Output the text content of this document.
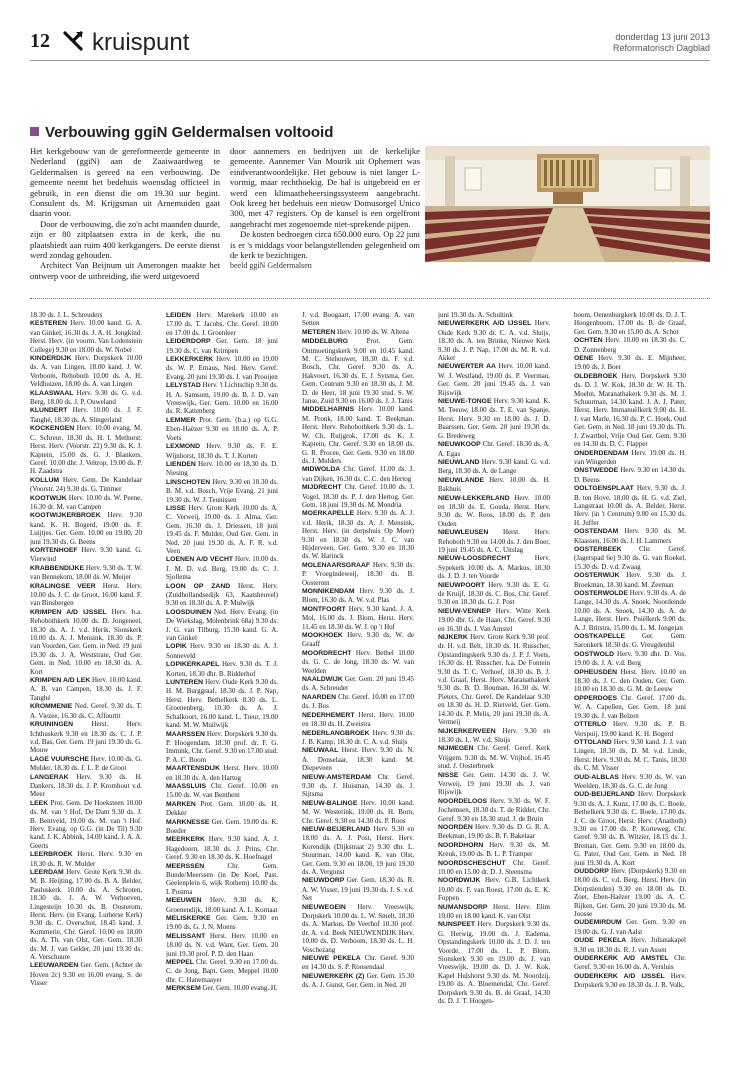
12 kruispunt	donderdag 13 juni 2013
Reformatorisch Dagblad
Verbouwing ggiN Geldermalsen voltooid

Het kerkgebouw van de gereformeerde gemeente in Nederland (ggiN) aan de Zaaiwaardweg te Geldermalsen is gereed na een verbouwing. De gemeente neemt het bedehuis woensdag officieel in gebruik, in een dienst die om 19.30 uur begint. Consulent ds. M. Krijgsman uit Arnemuiden gaat daarin voor.

Door de verbouwing, die zo'n acht maanden duurde, zijn er 80 zitplaatsen extra in de kerk, die nu plaatsbiedt aan ruim 400 kerkgangers. De eerste dienst werd zondag gehouden.

Architect Van Beijnum uit Amerongen maakte het ontwerp voor de uitbreiding, die werd uitgevoerd

door aannemers en bedrijven uit de kerkelijke gemeente. Aannemer Van Mourik uit Ophemert was eindverantwoordelijke. Het gebouw is niet langer L-vormig, maar rechthoekig. De hal is uitgebreid en er werd een klimaatbeheersingssysteem aangebracht. Ook kreeg het bedehuis een nieuw Domusorgel Unico 300, met 47 registers. Op de kansel is een orgelfront aangebracht met zogenoemde niet-sprekende pijpen.

De kosten bedroegen circa 650.000 euro. Op 22 juni is er 's middags voor belangstellenden gelegenheid om de kerk te bezichtigen.

beeld ggiN Geldermalsen

18.30 ds. J. L. Schreuders

KESTEREN Herv. 10.00 kand. G. A. van Ginkel, 16.30 ds. J. A. H. Jongkind. Herst. Herv. (in voorm. Van Lodenstein College) 9.30 en 18.00 ds. W. Nobel

KINDERDIJK Herv. Dorpskerk 10.00 ds. A. van Lingen, 18.00 kand. J. W. Verboom, Rehoboth 10.00 ds. A. H. Veldhuizen, 18.00 ds. A. van Lingen

KLAASWAAL Herv. 9.30 ds. G. v.d. Berg, 18.00 ds. J. P. Ouweland

KLUNDERT Herv. 10.00 ds. J. F. Tanghé, 18.30 ds. A. Slingerland

KOCKENGEN Herv. 10.00 evang. M. C. Schreur, 18.30 ds. H. I. Methorst. Herst. Herv. (Voorstr. 22) 9.30 ds. K. J. Kaptein, 15.00 ds. G. J. Blankers. Geref. 10.00 dhr. J. Veltrop, 19.00 ds. P. H. Zaadstra

KOLLUM Herv. Gem. De Kandelaar (Voorstr. 24) 9.30 ds. G. Timmer

KOOTWIJK Herv. 10.00 ds. W. Peene, 16.30 dr. M. van Campen

KOOTWIJKERBROEK Herv. 9.30 kand. K. H. Bogerd, 19.00 ds. F. Luijtjes. Ger. Gem. 10.00 en 19.00, 20 juni 19.30 ds. G. Beens

KORTENHOEF Herv. 9.30 kand. G. Vierwind

KRABBENDIJKE Herv. 9.30 ds. T. W. van Bennekom, 18.00 ds. W. Meijer

KRALINGSE VEER Herst. Herv. 10.00 ds. J. C. de Groot, 16.00 kand. F. van Binsbergen

KRIMPEN A/D IJSSEL Herv. h.a. Rehobothkerk 10.00 ds. D. Jongeneel, 18.30 ds. A. J. v.d. Herik, Sionskerk 10.00 ds. A. J. Mensink, 18.30 ds. P. van Voorden, Ger. Gem. in Ned. 19 juni 19.30 ds. J. A. Weststrate, Oud Ger. Gem. in Ned. 10.00 en 18.30 ds. A. Kort

KRIMPEN A/D LEK Herv. 10.00 kand. A. B. van Campen, 18.30 ds. J. F. Tanghé

KROMMENIE Ned. Geref. 9.30 ds. T. A. Viezee, 16.30 ds. C. Affourtit

KRUININGEN	Herst. Herv. Ichthuskerk 9.30 en 18.30 ds. C. J. P. v.d. Bas, Ger. Gem. 19 juni 19.30 ds. G. Mouw

LAGE VUURSCHE Herv. 10.00 ds. G. Mulder, 18.30 ds. J. L. P. de Groot

LANGERAK Herv. 9.30 ds. H. Dankers, 18.30 ds. J. P. Kromhout v.d. Meer

LEEK Prot. Gem. De Hoeksteen 10.00 ds. M. van 't Hof, De Dam 9.30 ds. J. B. Bentveld, 19.00 ds. M. van 't Hof. Herv. Evang. op G.G. (in De Til) 9.30 kand. J. K. Abbink, 14.00 kand. J. A. A. Geerts

LEERBROEK Herst. Herv. 9.30 en 18.30 ds. R. W. Mulder

LEERDAM Herv. Grote Kerk 9.30 ds. M. B. Heijting, 17.00 ds. B. A. Belder, Pauluskerk 10.00 ds. A. Schroten, 18.30 ds. J. A. W. Verhoeven, Lingesteijn 10.30 ds. B. Oosterom, Herst. Herv. (in Evang. Lutherse Kerk) 9.30 ds. C. Overschot, 18.45 kand. J. Kommerie, Chr. Geref. 10.00 en 18.00 ds. A. Th. van Olst, Ger. Gem. 18.30 ds. M. J. van Gelder, 20 juni 19.30 ds. A. Verschuure

LEEUWARDEN Ger. Gem. (Achter de Hoven 2c) 9.30 en 16.00 evang. S. de Visser

LEIDEN Herv. Marekerk 10.00 en 17.00 ds. T. Jacobs, Chr. Geref. 10.00 en 17.00 ds. J. Groenleer

LEIDERDORP Ger. Gem. 18 juni 19.30 ds. C. van Krimpen

LEKKERKERK Herv. 10.00 en 19.00 ds. W. P. Emaus, Ned. Herv. Geref. Evang. 20 juni 19.30 ds. J. van Prooijen

LELYSTAD Herv. 't Lichtschip 9.30 ds. H. A. Samsom, 19.00 ds. B. J. D. van Vreeswijk, Ger. Gem. 10.00 en 16.00 ds. R. Kattenberg

LEMMER Prot. Gem. (b.a.) op G.G. Eben-Haëzer 9.30 en 18.00 ds. A. P. Voets

LEXMOND Herv. 9.30 ds. F. E. Wijnhorst, 18.30 ds. T. J. Korten

LIENDEN Herv. 10.00 en 18.30 ds. D. Niesing

LINSCHOTEN Herv. 9.30 en 18.30 ds. B. M. v.d. Bosch, Vrije Evang. 21 juni 19.30 ds. W. J. Teunissen

LISSE Herv. Grote Kerk 10.00 ds. A. C. Verweij, 19.00 ds. J. Alma, Ger. Gem. 16.30 ds. J. Driessen, 18 juni 19.45 ds. F. Mulder, Oud Ger. Gem. in Ned. 20 juni 19.30 ds. A. F. R. v.d. Veen

LOENEN A/D VECHT Herv. 10.00 ds. J. M. D. v.d. Berg, 19.00 ds. C. J. Sjollema

LOON OP ZAND Herst. Herv. (Zuidhollandsedijk 63, Kaatsheuvel) 9.30 en 18.30 ds. A. P. Mulwijk

LOOSDUINEN Ned. Herv. Evang. (in De Wiekslag, Molenbrink 68a) 9.30 ds. J. G. van Tilburg, 15.30 kand. G. A. van Ginkel

LOPIK Herv. 9.30 en 18.30 ds. A. J. Sonneveld

LOPIKERKAPEL Herv. 9.30 ds. T. J. Korten, 18.30 dhr. B. Ridderhof

LUNTEREN Herv. Oude Kerk 9.30 ds. H. M. Burggraaf, 18.30 ds. J. P. Nap, Herst. Herv. Bethelkerk 8.30 ds. L. Groenenberg, 10.30 ds. A. J. Schalkoort, 16.00 kand. L. Treur, 19.00 kand. M. W. Muilwijk

MAARSSEN Herv. Dorpskerk 9.30 ds. P. Hoogendam, 18.30 prof. dr. F. G. Immink, Chr. Geref. 9.30 en 17.00 stud. P. A. C. Boom

MAARTENSDIJK Herst. Herv. 10.00 en 18.30 ds. A. den Hartog

MAASSLUIS Chr. Geref. 10.00 en 15.00 ds. W. van Benthem

MARKEN Prot. Gem. 10.00 ds. H. Dekker

MARKNESSE Ger. Gem. 19.00 ds. K. Boeder

MEERKERK Herv. 9.30 kand. A. J. Hagedoorn, 18.30 ds. J. Prins, Chr. Geref. 9.30 en 18.30 ds. K. Hoefnagel

MEERSSEN	Chr. Gem. Bunde/Meerssen (in De Koel, Past. Geelenplein 6, wijk Rothem) 10.00 ds. I. Postma

MEEUWEN Herv. 9.30 ds. K. Groenendijk, 18.00 kand. A. L. Kornaat

MELISKERKE Ger. Gem. 9.30 en 19.00 ds. G. J. N. Moens

MELISSANT Herst. Herv. 10.00 en 18.00 ds. N. v.d. Want, Ger. Gem. 20 juni 19.30 prof. P. D. den Haan

MEPPEL Chr. Geref. 9.30 en 17.00 ds. C. de Jong, Bapt. Gem. Meppel 10.00 dhr. C. Hanemaayer

MERKSEM Ger. Gem. 10.00 evang. H.

J. v.d. Boogaart, 17.00 evang. A. van Setten

METEREN Herv. 10.00 ds. W. Altena

MIDDELBURG	Prot. Gem. Ontmoetingskerk 9.00 en 10.45 kand. M. C. Stehouwer, 18.30 ds. F. v.d. Bosch, Chr. Geref. 9.30 ds. A. Hakvoort, 16.30 ds. E. J. Sytsma, Ger. Gem. Centrum 9.30 en 18.30 ds. J. M. D. de Heer, 18 juni 19.30 stud. S. W. Janse, Zuid 9.30 en 16.00 ds. J. J. Tanis

MIDDELHARNIS Herv. 10.00 kand. M. Pronk, 18.00 kand. T. Beekman, Herst. Herv. Rehobothkerk 9.30 ds. L. W. Ch. Ruijgrok, 17.00 ds. K. J. Kaptein, Chr. Geref. 9.30 en 18.00 ds. G. R. Procee, Ger. Gem. 9.30 en 18.00 ds. J. Mulders

MIDWOLDA Chr. Geref. 11.00 ds. J. van Dijken, 16.30 ds. C. C. den Hertog

MIJDRECHT Chr. Geref. 10.00 ds. J. Vogel, 18.30 ds. P. J. den Hertog, Ger. Gem. 18 juni 19.30 ds. M. Mondria

MOERKAPELLE Herv. 9.30 ds. A. J. v.d. Herik, 18.30 ds. A. J. Mensink, Herst. Herv. (in dorpshuis Op Moer) 9.30 en 18.30 ds. W. J. C. van Hijderveen, Ger. Gem. 9.30 en 18.30 ds. W. Harinck

MOLENAARSGRAAF Herv. 9.30 ds. P. Vroegindeweij, 18.30 ds. B. Oosterom

MONNIKENDAM Herv. 9.30 ds. J. Blom, 16.30 ds. A. W. v.d. Plas

MONTFOORT Herv. 9.30 kand. J. A. Mol, 16.00 ds. J. Blom, Herst. Herv. 11.45 en 18.30 ds. W. J. op 't Hof

MOOKHOEK Herv. 9.30 ds. W. de Graaff

MOORDRECHT Herv. Bethel 10.00 ds. G. C. de Jong, 18.30 ds. W. van Weelden

NAALDWIJK Ger. Gem. 20 juni 19.45 ds. A. Schreuder

NAARDEN Chr. Geref. 10.00 en 17.00 ds. J. Bos

NEDERHEMERT Herst. Herv. 10.00 en 18.30 ds. H. Zweistra

NEDERLANGBROEK Herv. 9.30 ds. J. B. Kamp, 18.30 dr. C. A. v.d. Sluijs

NIEUWAAL Herst. Herv. 9.30 ds. N. A. Donselaar, 18.30 kand. M. Diepeveen

NIEUW-AMSTERDAM Chr. Geref. 9.30 ds. J. Huisman, 14.30 ds. J. Sijtsma

NIEUW-BALINGE Herv. 10.00 kand. M. W. Westerink, 19.00 ds. H. Born, Chr. Geref. 9.30 en 14.30 ds. P. Roos

NIEUW-BEIJERLAND Herv. 9.30 en 18.00 ds. A. J. Post, Herst. Herv. Korendijk (Dijkstraat 2) 9.30 dhr. L. Stuurman, 14.00 kand. K. van Olst, Ger. Gem. 9.30 en 18.00, 19 juni 19.30 ds. A. Vergunst

NIEUWDORP Ger. Gem. 18.30 ds. R. A. W. Visser, 19 juni 19.30 ds. J. S. v.d. Net

NIEUWEGEIN Herv. Vreeswijk, Dorpskerk 10.00 ds. L. W. Smelt, 18.30 ds. A. Markus, De Veerhof 10.30 prof. dr. A. v.d. Beek NIEUWENDIJK Herv. 10.00 ds. D. Verboom, 18.30 ds. L. H. Voschezang

NIEUWE PEKELA Chr. Geref. 9.30 en 14.30 ds. S. P. Roosendaal

NIEUWERKERK (Z) Ger. Gem. 15.30 ds. A. J. Gunst, Ger. Gem. in Ned. 20

juni 19.30 ds. A. Schultink

NIEUWERKERK A/D IJSSEL Herv. Oude Kerk 9.30 dr. C. A. v.d. Sluijs, 18.30 ds. A. ten Brinke, Nieuwe Kerk 9.30 ds. J. P. Nap, 17.00 ds. M. R. v.d. Akker

NIEUWERTER AA Herv. 10.00 kand. W. J. Westland, 19.00 ds. P. Veerman, Ger. Gem. 20 juni 19.45 ds. J. van Rijswijk

NIEUWE-TONGE Herv. 9.30 kand. K. M. Teeuw, 18.00 ds. T. E. van Spanje, Herst. Herv. 9.30 en 18.00 ds. J. D. Baarssen, Ger. Gem. 20 juni 19.30 ds. G. Bredeweg

NIEUWKOOP Chr. Geref. 18.30 ds. A. A. Egas

NIEUWLAND Herv. 9.30 kand. G. v.d. Berg, 18.30 ds. A. de Lange

NIEUWLANDE Herv. 10.00 ds. H. Bakhuis

NIEUW-LEKKERLAND Herv. 10.00 en 18.30 ds. E. Gouda, Herst. Herv. 9.30 ds. W. Roos, 18.00 ds. P. den Ouden

NIEUWLEUSEN Herst. Herv. Rehoboth 9.30 en 14.00 ds. J. den Boer, 19 juni 19.45 ds. A. C. Uitslag

NIEUW-LOOSDRECHT	Herv. Sypekerk 10.00 ds. A. Markus, 18.30 ds. J. D. J. ten Voorde

NIEUWPOORT Herv. 9.30 ds. E. G. de Kruijf, 18.30 ds. C. Bos, Chr. Geref. 9.30 en 18.30 ds. G. J. Post

NIEUW-VENNEP Herv. Witte Kerk 19.00 dhr. G. de Haan, Chr. Geref. 9.30 en 16.30 ds. J. Van Amstel

NIJKERK Herv. Grote Kerk 9.30 prof. dr. H. v.d. Belt, 18.30 ds. H. Russcher, Opstandingskerk 9.30 ds. J. P. J. Voets, 16.30 ds. H. Russcher, h.a. De Fontein 9.30 ds. T. C. Verhoef, 18.30 ds. B. J. v.d. Graaf, Herst. Herv. Maranathakerk 9.30 ds. B. D. Bouman, 16.30 ds. W. Pieters, Chr. Geref. De Kandelaar 9.30 en 18.30 ds. H. D. Rietveld, Ger. Gem. 14.30 ds. P. Melis, 20 juni 19.30 ds. A. Vermeij

NIJKERKERVEEN Herv. 9.30 en 18.30 ds. L. W. v.d. Sluijs

NIJMEGEN Chr. Geref. Geref. Kerk Vrijgem. 9.30 ds. M. W. Vrijhof, 16.45 stud. J. Oosterbroek

NISSE Ger. Gem. 14.30 ds. J. W. Verweij, 19 juni 19.30 ds. J. van Rijswijk

NOORDELOOS Herv. 9.30 ds. W. F. Jochemsen, 18.30 ds. T. de Ridder, Chr. Geref. 9.30 en 18.30 stud. J. de Bruin

NOORDEN Herv. 9.30 ds. D. G. R. A. Beekman, 19.00 ds. B. F. Bakelaar

NOORDHORN Herv. 9.30 ds. M. Kreuk, 19.00 ds. B. L. P. Tramper

NOORDSCHESCHUT Chr. Geref. 10.00 en 15.00 dr. D. J. Steensma

NOORDWIJK Herv. G.B. Lichtkerk 10.00 ds. F. van Roest, 17.00 ds. E. K. Foppen

NUMANSDORP Herst. Herv. Elim 10.00 en 18.00 kand. K. van Olst

NUNSPEET Herv. Dorpskerk 9.30 ds. G. Herwig, 19.00 ds. J. Eademа, Opstandingskerk 10.00 ds. J. D. J. ten Voorde, 17.00 ds. L. P. Blom, Sionskerk 9.30 en 19.00 ds. J. van Vreeswijk, 19.00 ds. D. J. W. Kok, Kapel Hulshorst 9.30 ds. M. Noordzij, 19.00 ds. A. Bloemendal, Chr. Geref. Dorpskerk 9.30 ds. B. de Graaf, 14.30 ds. D. J. T. Hoogen-

boom, Oenenburgkerk 10.00 ds. D. J. T. Hoogenboom, 17.00 ds. B. de Graaf, Ger. Gem. 9.30 en 15.00 ds. A. Schot

OCHTEN Herv. 10.00 en 18.30 ds. C. D. Zonnenberg

OENE Herv. 9.30 ds. E. Mijnheer, 19.00 ds. J. Boer

OLDEBROEK Herv. Dorpskerk 9.30 ds. D. J. W. Kok, 18.30 dr. W. H. Th. Moehn, Maranathakerk 9.30 ds. M. J. Schuurman, 14.30 kand. J. A. J. Pater, Herst. Herv. Immanuëlkerk 9.00 ds. H. J. van Marle, 16.30 ds. P. C. Hoek, Oud Ger. Gem. in Ned. 18 juni 19.30 ds. Th. J. Zwartbol, Vrije Oud Ger. Gem. 9.30 en 14.30 ds. D. C. Flapper

ONDERDENDAM Herv. 19.00 ds. H. van Wingerden

ONSTWEDDE Herv. 9.30 en 14.30 ds. D. Beens

OOLTGENSPLAAT Herv. 9.30 ds. J. B. ten Hove, 18.00 ds. H. G. v.d. Ziel, Langstraat 10.00 ds. A. Belder, Herst. Herv. (in 't Centrum) 9.00 en 15.30 ds. H. Juffer

OOSTENDAM Herv. 9.30 ds. M. Klaassen, 16.00 ds. J. H. Lammers

OOSTERBEEK Chr. Geref. (Jagerspad 6e) 9.30 ds. G. van Roekel, 15.30 ds. D. v.d. Zwaag

OOSTERWIJK Herv. 9.30 ds. J. Broekman, 18.30 kand. M. Zeeman

OOSTERWOLDE Herv. 9.30 ds. A. de Lange, 14.30 ds. A. Snoek, Noordeinde 10.00 ds. A. Snoek, 14.30 ds. A. de Lange, Herst. Herv. Pniëlkerk 9.00 ds. A. J. Britstra, 15.00 ds. L. M. Jongejan

OOSTKAPELLE Ger. Gem. Saronkerk 18.30 ds. G. Vreugdenhil

OOSTWOLD Herv. 9.30 dhr. D. Vos, 19.00 ds. J. A. v.d. Berg

OPHEUSDEN Herst. Herv. 10.00 en 18.30 ds. J. C. den Ouden, Ger. Gem. 10.00 en 18.30 ds. G. M. de Leeuw

OPPERDOES Chr. Geref. 17.00 ds. W. A. Capellen, Ger. Gem. 18 juni 19.30 ds. J. van Belzen

OTTERLO Herv. 9.30 ds. P. B. Verspuij, 19.00 kand. K. H. Bogerd

OTTOLAND Herv. 9.30 kand. J. J. van Lingen, 18.30 ds. D. M. v.d. Linde, Herst. Herv. 9.30 ds. M. C. Tanis, 18.30 ds. C. M. Visser

OUD-ALBLAS Herv. 9.30 ds. W. van Weelden, 18.30 ds. G. C. de Jong

OUD-BEIJERLAND Herv. Dorpskerk 9.30 ds. A. J. Kunz, 17.00 ds. C. Boele, Bethelkerk 9.30 ds. C. Boele, 17.00 ds. J. C. de Groot, Herst. Herv. (Anathoth) 9.30 en 17.00 ds. P. Korteweg, Chr. Geref. 9.30 ds. B. Witzier, 18.15 ds. J. Breman, Ger. Gem. 9.30 en 18.00 ds. G. Pater, Oud Ger. Gem. in Ned. 18 juni 19.30 ds. A. Kort

OUDDORP Herv. (Dorpskerk) 9.30 en 18.00 ds. C. v.d. Berg, Herst. Herv. (in Dorpstienden) 9.30 en 18.00 ds. D. Zoet, Eben-Haëzer 19.00 ds. A. C. Rijken, Ger. Gem. 20 juni 19.30 ds. M. Joosse

OUDEMIRDUM Ger. Gem. 9.30 en 19.00 ds. G. J. van Aalst

OUDE PEKELA Herv. Julianakapel 9.30 en 18.30 ds. R. J. van Assen

OUDERKERK A/D AMSTEL Chr. Geref. 9.30 en 16.00 ds. A. Versluis

OUDERKERK A/D IJSSEL Herv. Dorpskerk 9.30 en 18.30 ds. J. R. Volk,
